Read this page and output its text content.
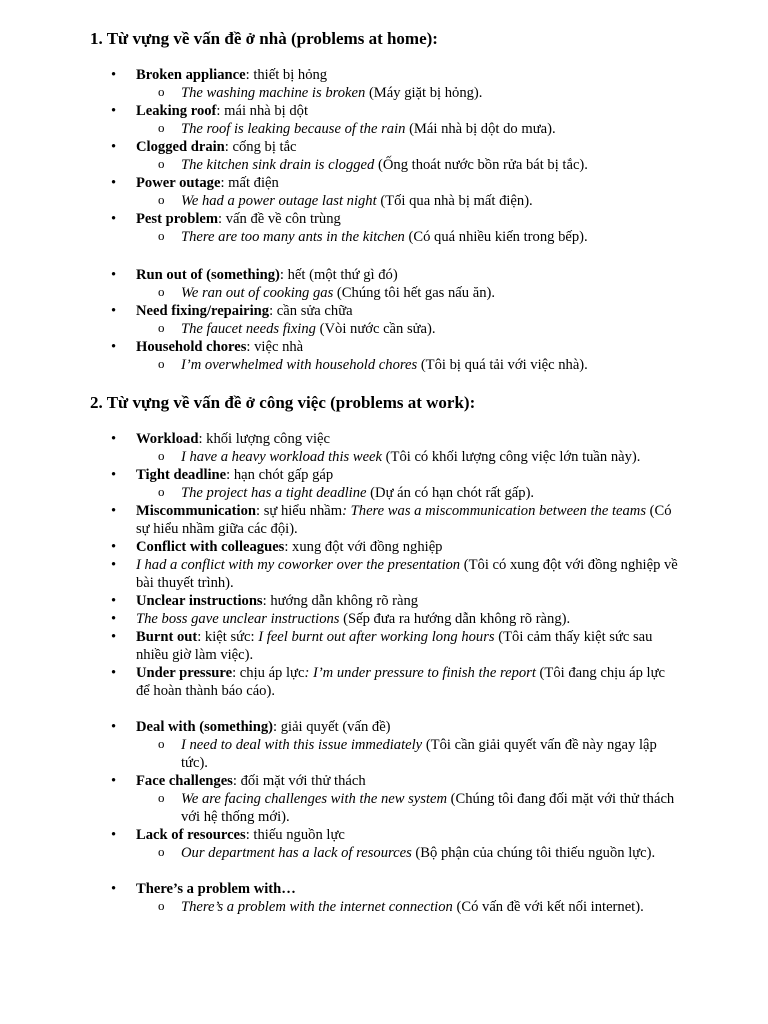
1. Từ vựng về vấn đề ở nhà (problems at home):
• Broken appliance: thiết bị hỏng
o The washing machine is broken (Máy giặt bị hỏng).
• Leaking roof: mái nhà bị dột
o The roof is leaking because of the rain (Mái nhà bị dột do mưa).
• Clogged drain: cống bị tắc
o The kitchen sink drain is clogged (Ống thoát nước bồn rửa bát bị tắc).
• Power outage: mất điện
o We had a power outage last night (Tối qua nhà bị mất điện).
• Pest problem: vấn đề về côn trùng
o There are too many ants in the kitchen (Có quá nhiều kiến trong bếp).
• Run out of (something): hết (một thứ gì đó)
o We ran out of cooking gas (Chúng tôi hết gas nấu ăn).
• Need fixing/repairing: cần sửa chữa
o The faucet needs fixing (Vòi nước cần sửa).
• Household chores: việc nhà
o I’m overwhelmed with household chores (Tôi bị quá tải với việc nhà).
2. Từ vựng về vấn đề ở công việc (problems at work):
• Workload: khối lượng công việc
o I have a heavy workload this week (Tôi có khối lượng công việc lớn tuần này).
• Tight deadline: hạn chót gấp gáp
o The project has a tight deadline (Dự án có hạn chót rất gấp).
• Miscommunication: sự hiểu nhầm: There was a miscommunication between the teams (Có sự hiểu nhầm giữa các đội).
• Conflict with colleagues: xung đột với đồng nghiệp
• I had a conflict with my coworker over the presentation (Tôi có xung đột với đồng nghiệp về bài thuyết trình).
• Unclear instructions: hướng dẫn không rõ ràng
• The boss gave unclear instructions (Sếp đưa ra hướng dẫn không rõ ràng).
• Burnt out: kiệt sức: I feel burnt out after working long hours (Tôi cảm thấy kiệt sức sau nhiều giờ làm việc).
• Under pressure: chịu áp lực: I’m under pressure to finish the report (Tôi đang chịu áp lực để hoàn thành báo cáo).
• Deal with (something): giải quyết (vấn đề)
o I need to deal with this issue immediately (Tôi cần giải quyết vấn đề này ngay lập tức).
• Face challenges: đối mặt với thử thách
o We are facing challenges with the new system (Chúng tôi đang đối mặt với thử thách với hệ thống mới).
• Lack of resources: thiếu nguồn lực
o Our department has a lack of resources (Bộ phận của chúng tôi thiếu nguồn lực).
• There’s a problem with…
o There’s a problem with the internet connection (Có vấn đề với kết nối internet).
